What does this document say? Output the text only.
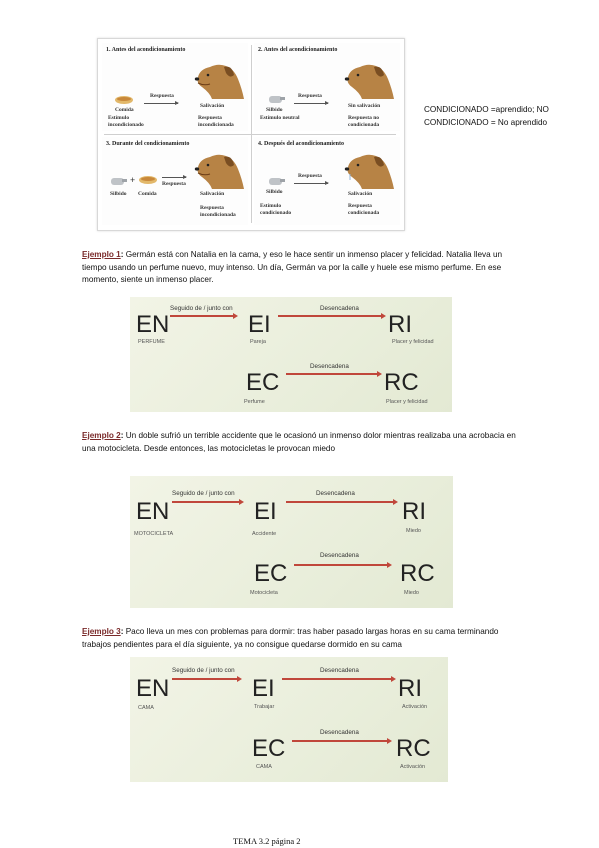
1. Antes del acondicionamiento
Comida
Respuesta
Salivación
Estímulo incondicionado
Respuesta incondicionada
2. Antes del acondicionamiento
Silbido
Respuesta
Sin salivación
Estímulo neutral	Respuesta no condicionada
3. Durante del condicionamiento
+
Silbido Comida
Respuesta
Salivación
Respuesta incondicionada
4. Después del acondicionamiento
Silbido
Respuesta
Salivación
Estímulo condicionado
Respuesta condicionada
CONDICIONADO =aprendido; NO CONDICIONADO = No aprendido
Ejemplo 1: Germán está con Natalia en la cama, y eso le hace sentir un inmenso placer y felicidad. Natalia lleva un tiempo usando un perfume nuevo, muy intenso. Un día, Germán va por la calle y huele ese mismo perfume. En ese momento, siente un inmenso placer.
EN
PERFUME
Seguido de / junto con
EI
Pareja
Desencadena
RI
Placer y felicidad
EC
Perfume
Desencadena
RC
Placer y felicidad
Ejemplo 2: Un doble sufrió un terrible accidente que le ocasionó un inmenso dolor mientras realizaba una acrobacia en una motocicleta. Desde entonces, las motocicletas le provocan miedo
EN
MOTOCICLETA
Seguido de / junto con
EI
Accidente
Desencadena
RI
Miedo
EC
Motocicleta
Desencadena
RC
Miedo
Ejemplo 3: Paco lleva un mes con problemas para dormir: tras haber pasado largas horas en su cama terminando trabajos pendientes para el día siguiente, ya no consigue quedarse dormido en su cama
EN
CAMA
Seguido de / junto con
EI
Trabajar
Desencadena
RI
Activación
EC
CAMA
Desencadena
RC
Activación
TEMA 3.2 página 2
